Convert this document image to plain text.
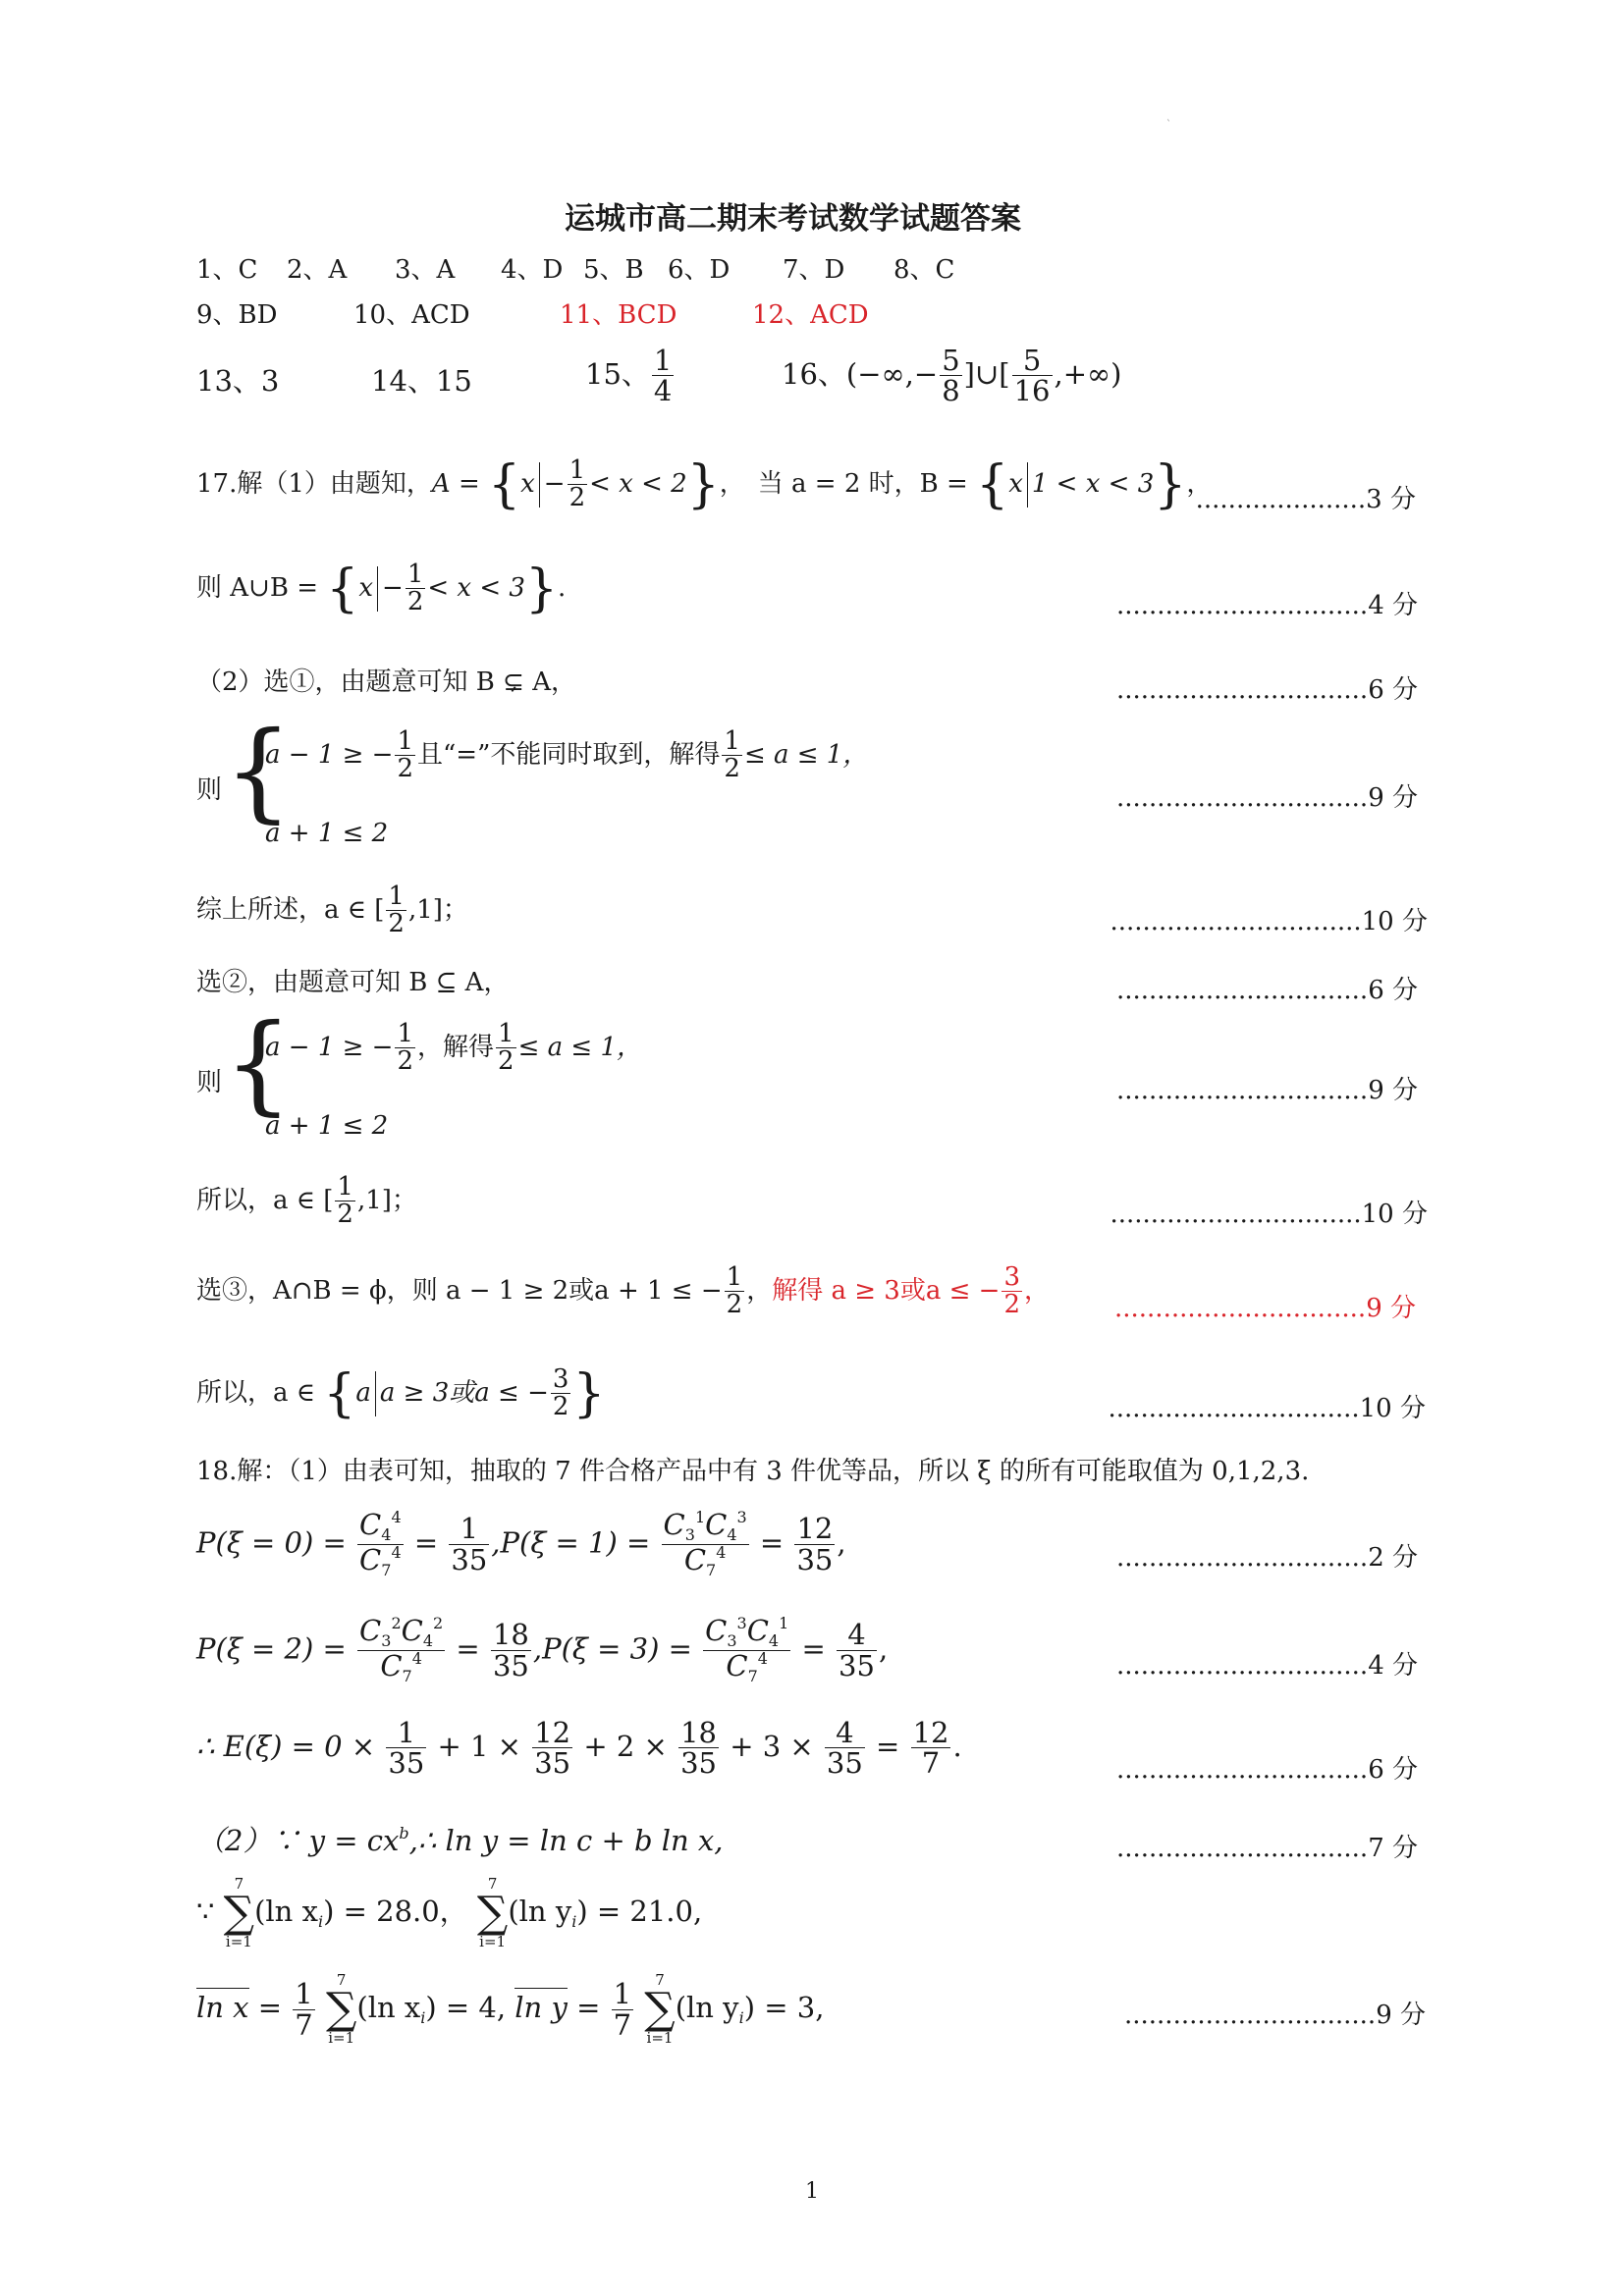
`
运城市高二期末考试数学试题答案
1、C 2、A 3、A 4、D 5、B 6、D 7、D 8、C
9、BD	10、ACD	11、BCD	12、ACD
13、3	14、15	15、 $\frac{1}{4}$	16、(−∞,− $\frac{5}{8}$ ]∪[ $\frac{5}{16}$ ,+∞)
17.解（1）由题知，$A = \{x - \frac{1}{2} < x < 2\}$，　当 a = 2 时，B = {x 1 < x < 3}，
.....................3 分
则 A∪B = $\{x - \frac{1}{2} < x < 3\}$.
...............................4 分
（2）选①，由题意可知 B ⊊ A，	...............................6 分
则 {
a − 1 ≥ − $\frac{1}{2}$ 且“=”不能同时取到，解得 $\frac{1}{2} \le a \le 1$，
a + 1 ≤ 2
...............................9 分
综上所述，a ∈ [ $\frac{1}{2} ,1$]；	...............................10 分
选②，由题意可知 B ⊆ A，	...............................6 分
则 {
a − 1 ≥ − $\frac{1}{2}$ ，解得 $\frac{1}{2} \le a \le 1$，
a + 1 ≤ 2
...............................9 分
所以，a ∈ [ $\frac{1}{2} ,1$]；	...............................10 分
选③，A∩B = ϕ，则 a − 1 ≥ 2或a + 1 ≤ − $\frac{1}{2}$ ，解得 a ≥ 3或a ≤ − $\frac{3}{2}$ ，
...............................9 分
所以，a ∈ {a a ≥ 3或a ≤ − $\frac{3}{2}$ }	...............................10 分
18.解：（1）由表可知，抽取的 7 件合格产品中有 3 件优等品，所以 ξ 的所有可能取值为 0,1,2,3.
$P(\xi = 0) = \frac{C_4^4}{C_7^4} = \frac{1}{35} ,P(\xi = 1) = \frac{C_3^1C_4^3}{C_7^4} = \frac{12}{35}$ ,	...............................2 分
$P(\xi = 2) = \frac{C_3^2C_4^2}{C_7^4} = \frac{18}{35} ,P(\xi = 3) = \frac{C_3^3C_4^1}{C_7^4} = \frac{4}{35}$ ,
...............................4 分
∴ $E(\xi) = 0 \times \frac{1}{35} + 1 \times \frac{12}{35} + 2 \times \frac{18}{35} + 3 \times \frac{4}{35} = \frac{12}{7}$ .
...............................6 分
（2）∵ $y = cx^b,\therefore$ ln y = ln c + b ln x,	...............................7 分
∵
7
∑
i=1
(ln $x_i) = 28.0$，
7
∑
i=1
(ln $y_i) = 21.0$,
$\ln x = \frac{1}{7}$
	7
∑
i=1
(ln $x_i) = 4$, $\ln y = \frac{1}{7}$
	7
∑
i=1
(ln $y_i) = 3$,	...............................9 分
1
